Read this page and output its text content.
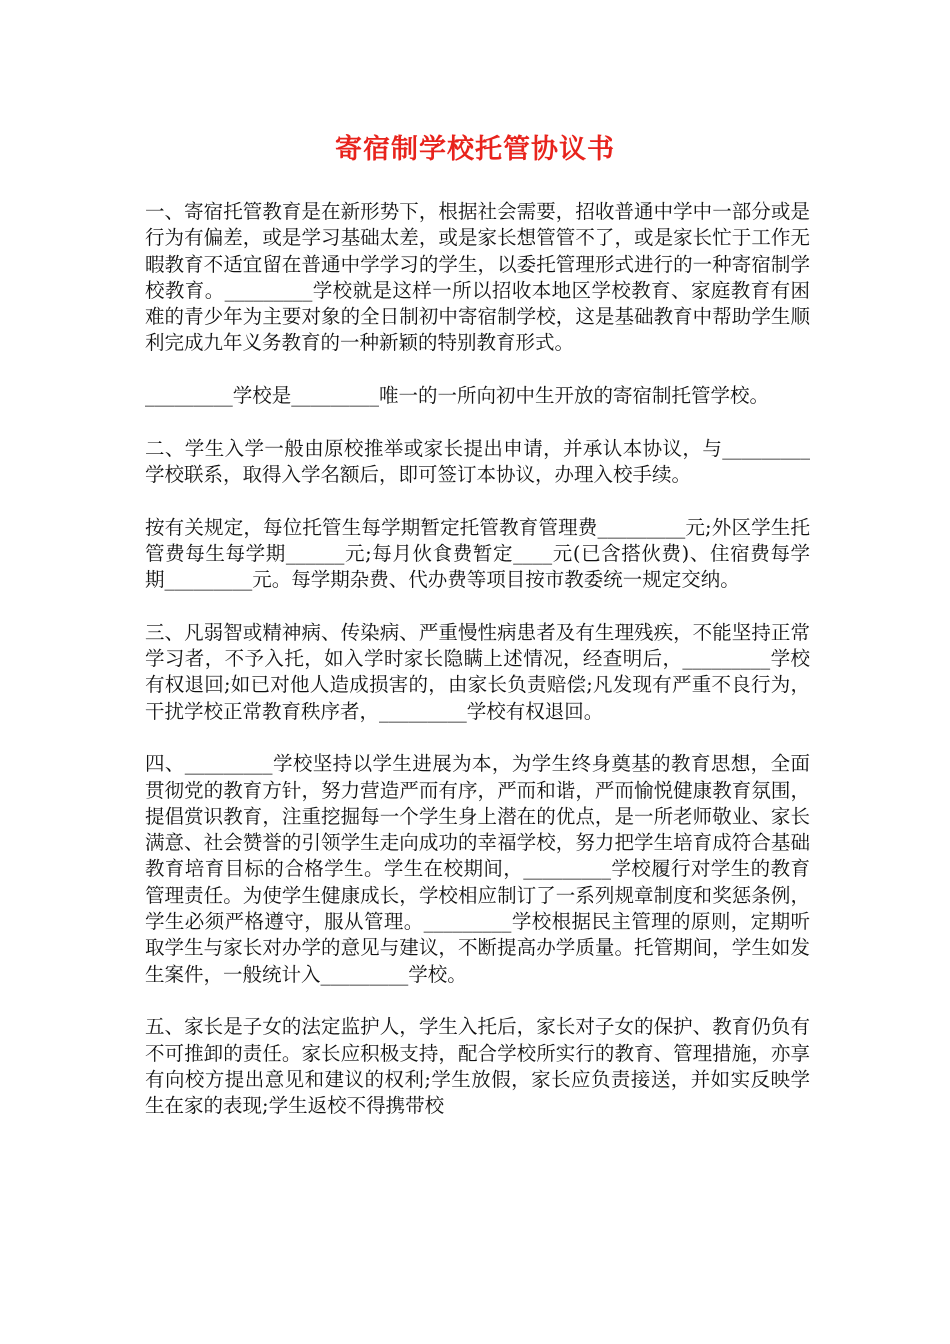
寄宿制学校托管协议书

一、寄宿托管教育是在新形势下，根据社会需要，招收普通中学中一部分或是行为有偏差，或是学习基础太差，或是家长想管管不了，或是家长忙于工作无暇教育不适宜留在普通中学学习的学生，以委托管理形式进行的一种寄宿制学校教育。_________学校就是这样一所以招收本地区学校教育、家庭教育有困难的青少年为主要对象的全日制初中寄宿制学校，这是基础教育中帮助学生顺利完成九年义务教育的一种新颖的特别教育形式。

_________学校是_________唯一的一所向初中生开放的寄宿制托管学校。

二、学生入学一般由原校推举或家长提出申请，并承认本协议，与_________学校联系，取得入学名额后，即可签订本协议，办理入校手续。

按有关规定，每位托管生每学期暂定托管教育管理费_________元;外区学生托管费每生每学期______元;每月伙食费暂定____元(已含搭伙费)、住宿费每学期_________元。每学期杂费、代办费等项目按市教委统一规定交纳。

三、凡弱智或精神病、传染病、严重慢性病患者及有生理残疾，不能坚持正常学习者，不予入托，如入学时家长隐瞒上述情况，经查明后，_________学校有权退回;如已对他人造成损害的，由家长负责赔偿;凡发现有严重不良行为，干扰学校正常教育秩序者，_________学校有权退回。

四、_________学校坚持以学生进展为本，为学生终身奠基的教育思想，全面贯彻党的教育方针，努力营造严而有序，严而和谐，严而愉悦健康教育氛围，提倡赏识教育，注重挖掘每一个学生身上潜在的优点，是一所老师敬业、家长满意、社会赞誉的引领学生走向成功的幸福学校，努力把学生培育成符合基础教育培育目标的合格学生。学生在校期间，_________学校履行对学生的教育管理责任。为使学生健康成长，学校相应制订了一系列规章制度和奖惩条例，学生必须严格遵守，服从管理。_________学校根据民主管理的原则，定期听取学生与家长对办学的意见与建议，不断提高办学质量。托管期间，学生如发生案件，一般统计入_________学校。

五、家长是子女的法定监护人，学生入托后，家长对子女的保护、教育仍负有不可推卸的责任。家长应积极支持，配合学校所实行的教育、管理措施，亦享有向校方提出意见和建议的权利;学生放假，家长应负责接送，并如实反映学生在家的表现;学生返校不得携带校
